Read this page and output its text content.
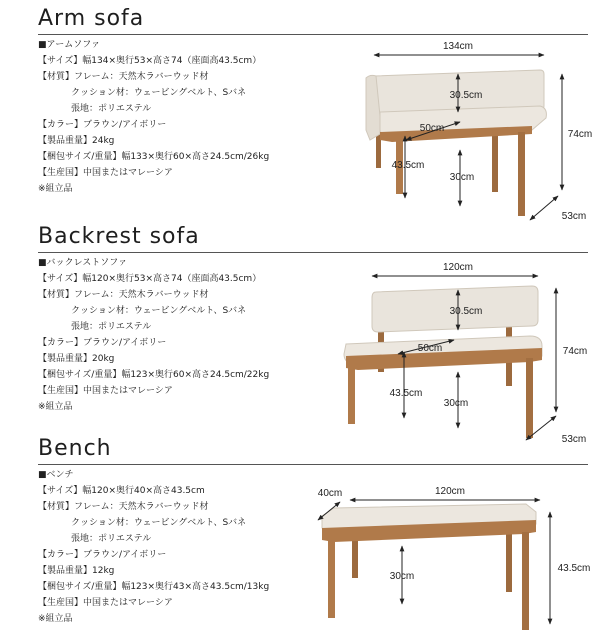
Arm sofa
■アームソファ
【サイズ】幅134×奥行53×高さ74（座面高43.5cm）
【材質】フレーム：天然木ラバーウッド材
クッション材：ウェービングベルト、Sバネ
張地：ポリエステル
【カラー】ブラウン/アイボリー
【製品重量】24kg
【梱包サイズ/重量】幅133×奥行60×高さ24.5cm/26kg
【生産国】中国またはマレーシア
※組立品
134cm
30.5cm
50cm
74cm
43.5cm
30cm
53cm
Backrest sofa
■バックレストソファ
【サイズ】幅120×奥行53×高さ74（座面高43.5cm）
【材質】フレーム：天然木ラバーウッド材
クッション材：ウェービングベルト、Sバネ
張地：ポリエステル
【カラー】ブラウン/アイボリー
【製品重量】20kg
【梱包サイズ/重量】幅123×奥行60×高さ24.5cm/22kg
【生産国】中国またはマレーシア
※組立品
120cm
30.5cm
50cm	74cm
43.5cm
30cm
53cm
Bench
■ベンチ
【サイズ】幅120×奥行40×高さ43.5cm
【材質】フレーム：天然木ラバーウッド材
クッション材：ウェービングベルト、Sバネ
張地：ポリエステル
【カラー】ブラウン/アイボリー
【製品重量】12kg
【梱包サイズ/重量】幅123×奥行43×高さ43.5cm/13kg
【生産国】中国またはマレーシア
※組立品
40cm	120cm
30cm
43.5cm
